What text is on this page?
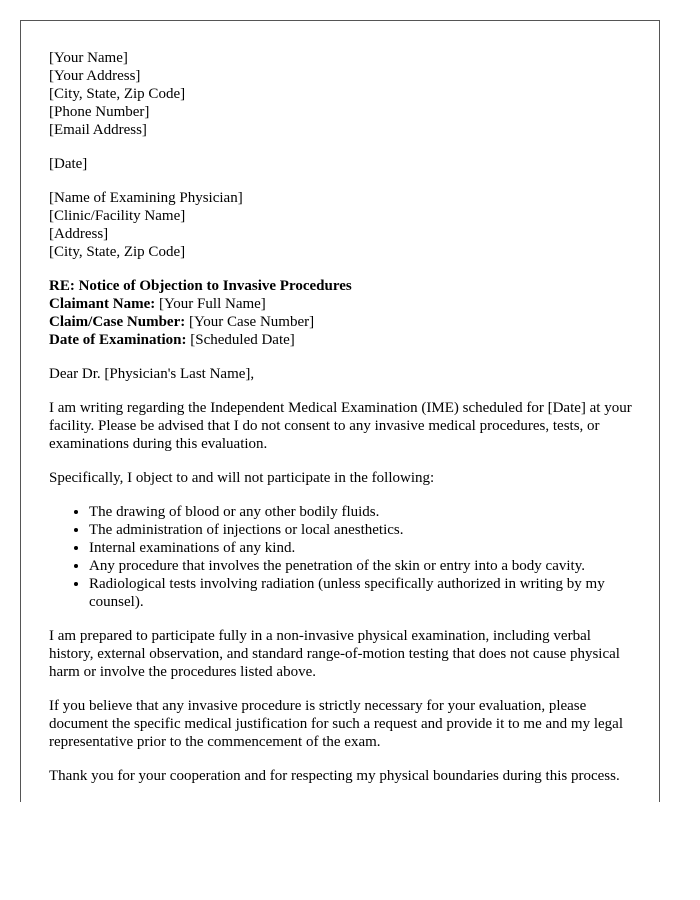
[Your Name]
[Your Address]
[City, State, Zip Code]
[Phone Number]
[Email Address]
[Date]
[Name of Examining Physician]
[Clinic/Facility Name]
[Address]
[City, State, Zip Code]
RE: Notice of Objection to Invasive Procedures
Claimant Name: [Your Full Name]
Claim/Case Number: [Your Case Number]
Date of Examination: [Scheduled Date]

Dear Dr. [Physician's Last Name],

I am writing regarding the Independent Medical Examination (IME) scheduled for [Date] at your facility. Please be advised that I do not consent to any invasive medical procedures, tests, or examinations during this evaluation.

Specifically, I object to and will not participate in the following:

• The drawing of blood or any other bodily fluids.
• The administration of injections or local anesthetics.
• Internal examinations of any kind.
• Any procedure that involves the penetration of the skin or entry into a body cavity.
• Radiological tests involving radiation (unless specifically authorized in writing by my counsel).

I am prepared to participate fully in a non-invasive physical examination, including verbal history, external observation, and standard range-of-motion testing that does not cause physical harm or involve the procedures listed above.

If you believe that any invasive procedure is strictly necessary for your evaluation, please document the specific medical justification for such a request and provide it to me and my legal representative prior to the commencement of the exam.

Thank you for your cooperation and for respecting my physical boundaries during this process.
